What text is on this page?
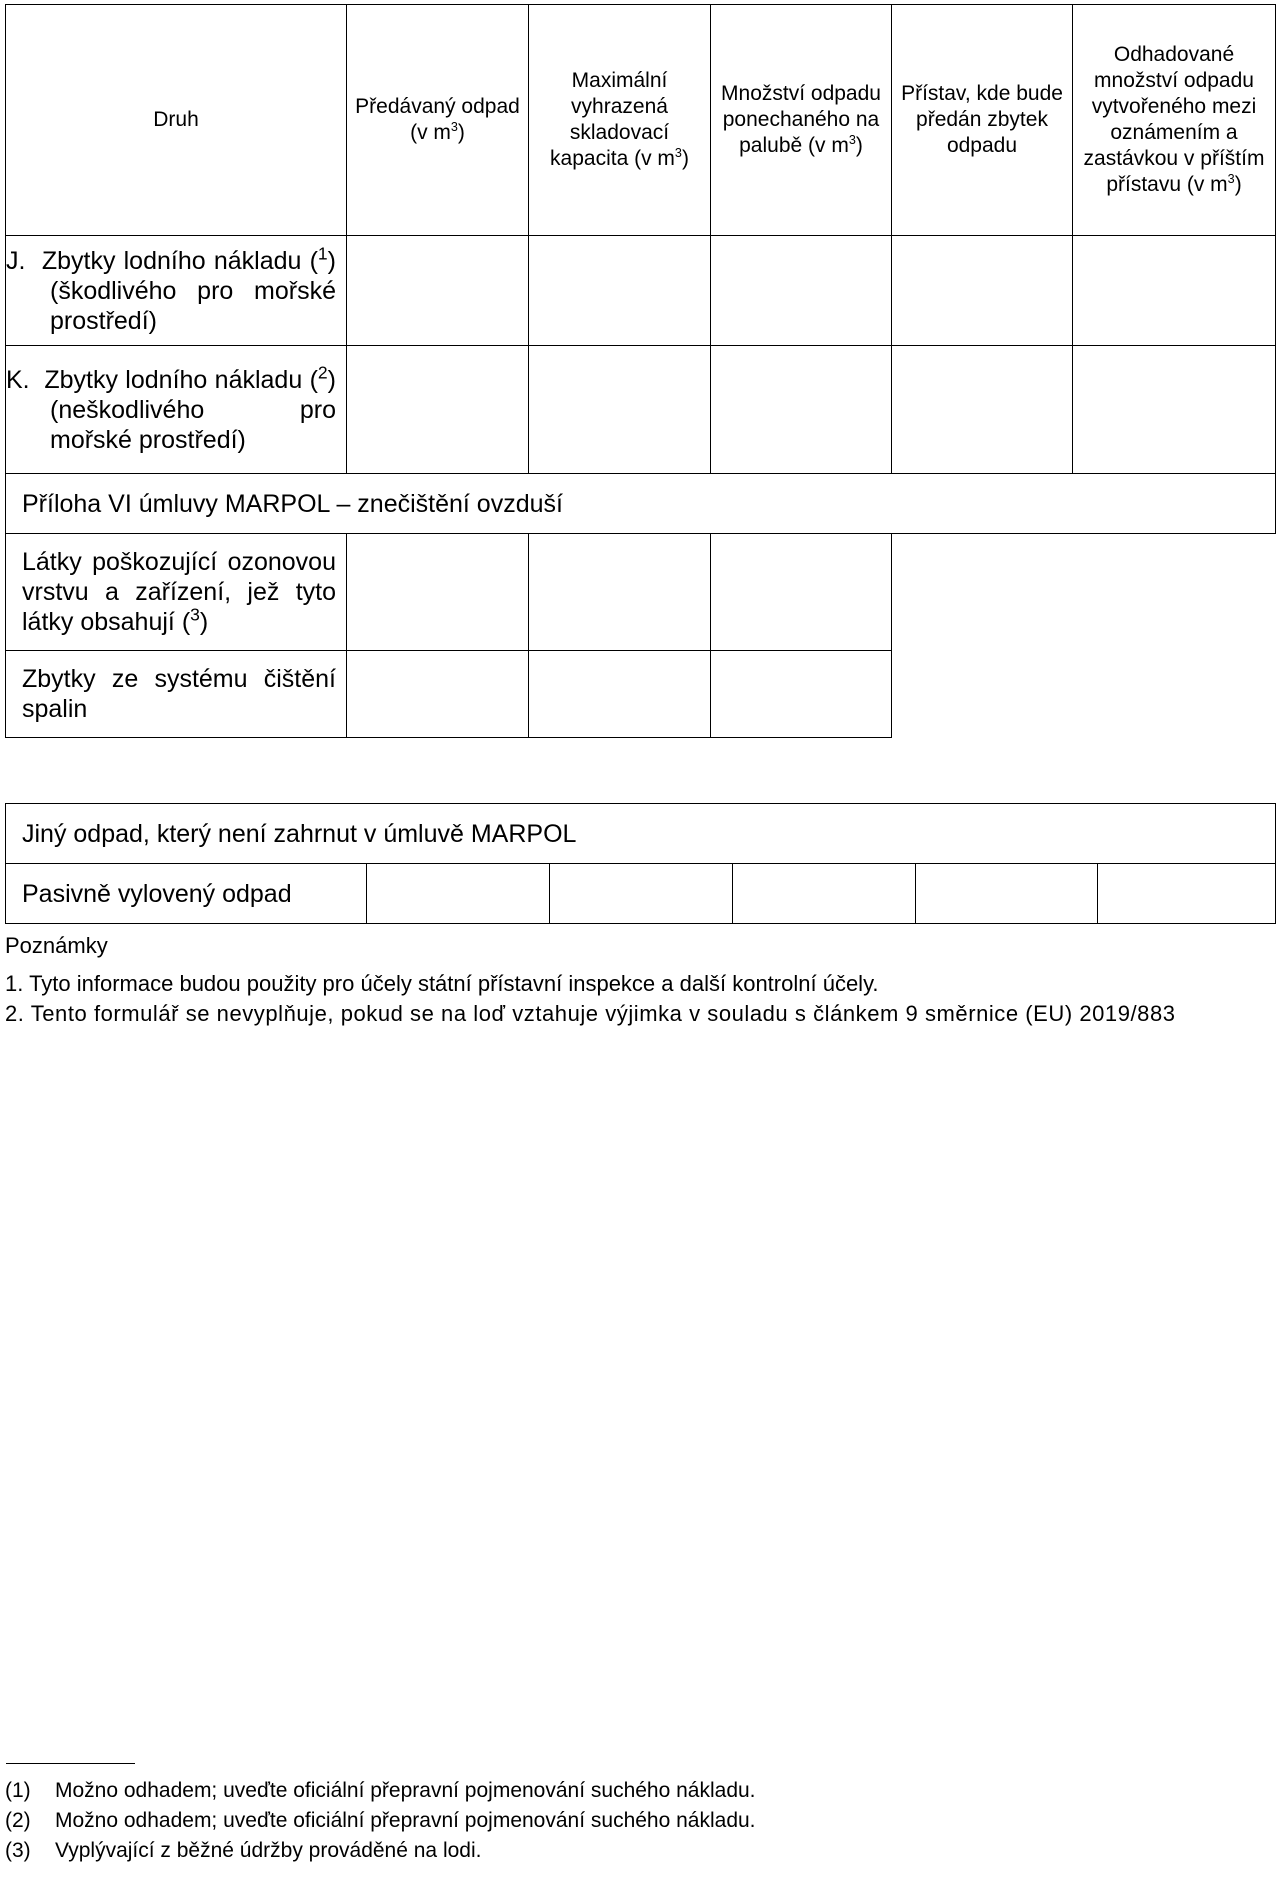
Druh	Předávaný odpad (v $m^3$)	Maximální vyhrazená skladovací kapacita (v $m^3$)	Množství odpadu ponechaného na palubě (v $m^3$)	Přístav, kde bude předán zbytek odpadu	Odhadované množství odpadu vytvořeného mezi oznámením a zastávkou v příštím přístavu (v $m^3$)
J. Zbytky lodního nákladu ($^1$) (škodlivého pro mořské prostředí)					
K. Zbytky lodního nákladu ($^2$) (neškodlivého pro mořské prostředí)					
Příloha VI úmluvy MARPOL – znečištění ovzduší					
Látky poškozující ozonovou vrstvu a zařízení, jež tyto látky obsahují ($^3$)					
Zbytky ze systému čištění spalin					
Jiný odpad, který není zahrnut v úmluvě MARPOL
Pasivně vylovený odpad					
Poznámky
1. Tyto informace budou použity pro účely státní přístavní inspekce a další kontrolní účely.
2. Tento formulář se nevyplňuje, pokud se na loď vztahuje výjimka v souladu s článkem 9 směrnice (EU) 2019/883
(1) Možno odhadem; uveďte oficiální přepravní pojmenování suchého nákladu.
(2) Možno odhadem; uveďte oficiální přepravní pojmenování suchého nákladu.
(3) Vyplývající z běžné údržby prováděné na lodi.
